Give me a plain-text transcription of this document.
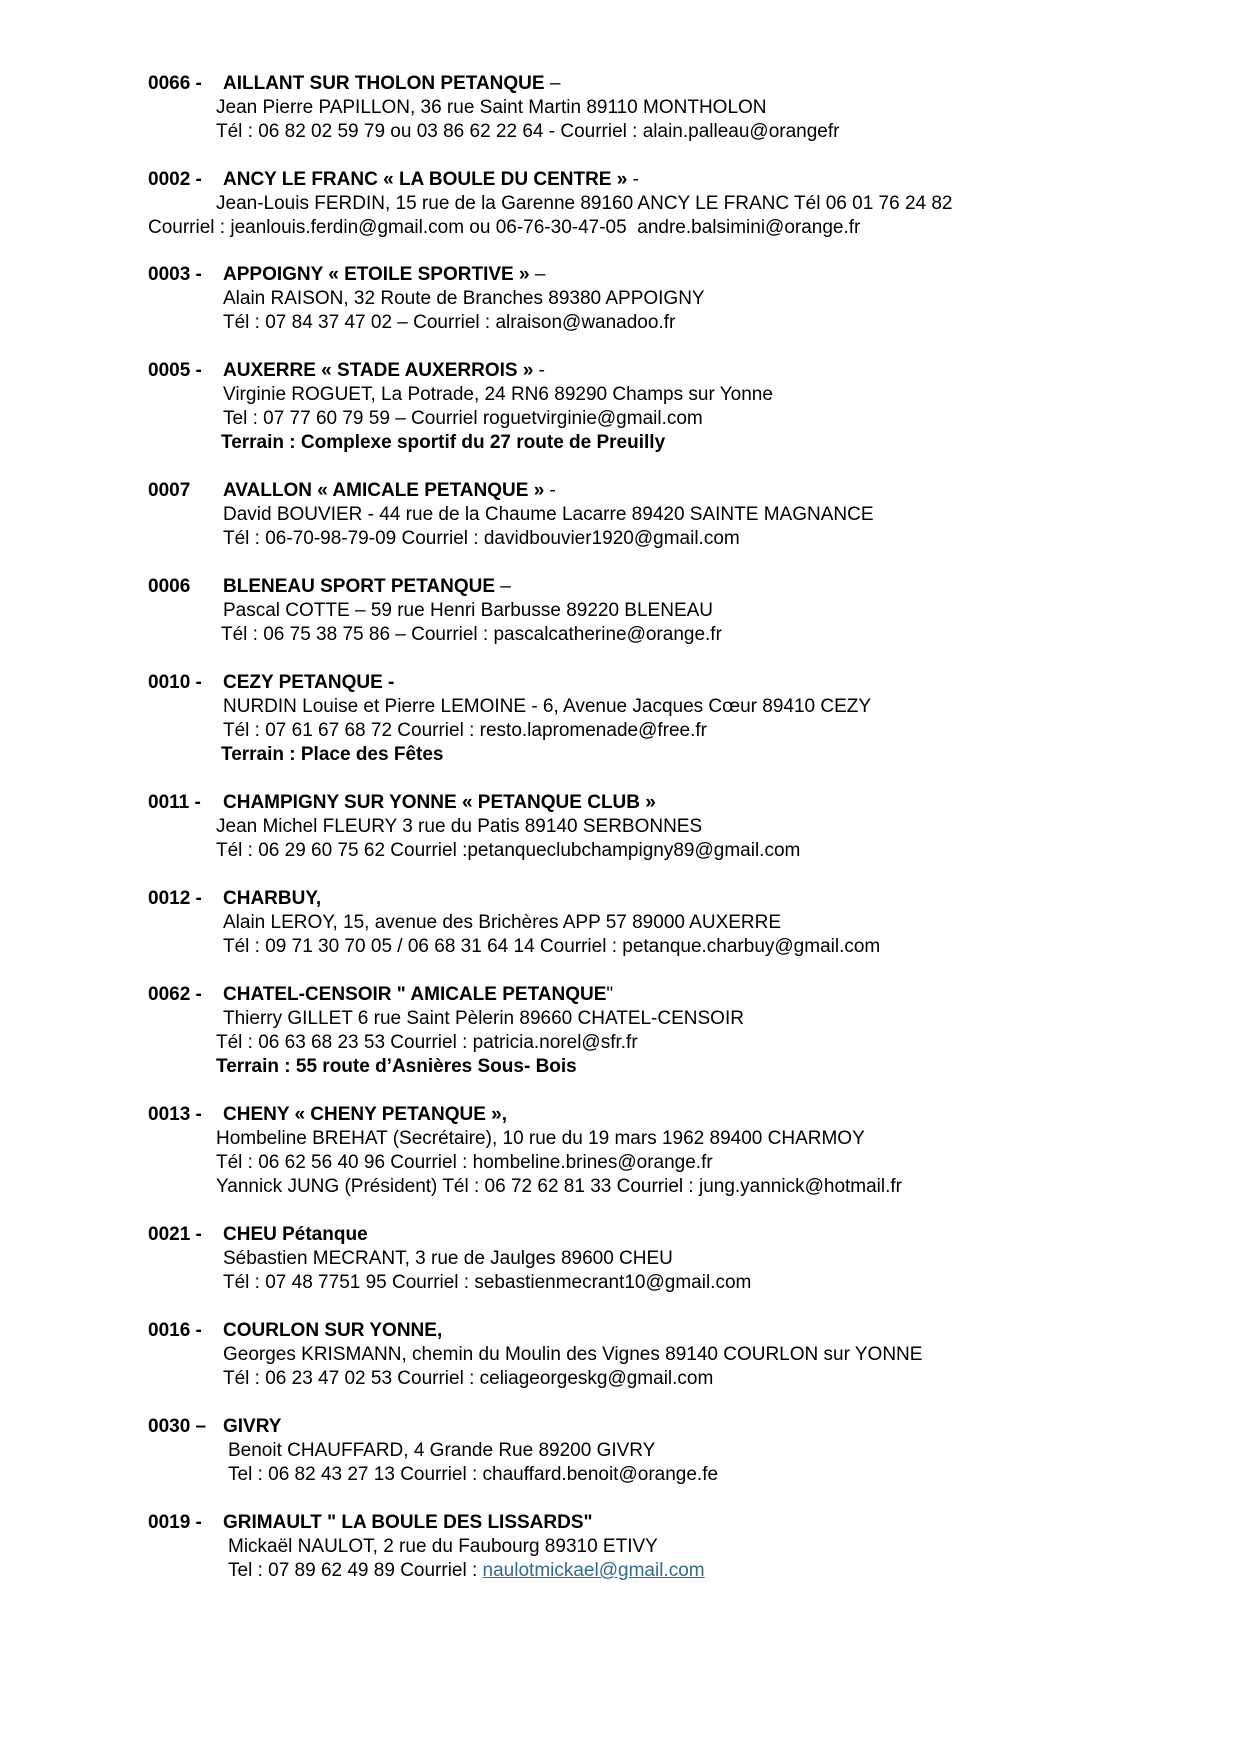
0066 - AILLANT SUR THOLON PETANQUE –
Jean Pierre PAPILLON, 36 rue Saint Martin 89110 MONTHOLON
Tél : 06 82 02 59 79 ou 03 86 62 22 64 - Courriel : alain.palleau@orangefr
0002 - ANCY LE FRANC « LA BOULE DU CENTRE » -
Jean-Louis FERDIN, 15 rue de la Garenne 89160 ANCY LE FRANC Tél 06 01 76 24 82
Courriel : jeanlouis.ferdin@gmail.com ou 06-76-30-47-05  andre.balsimini@orange.fr
0003 - APPOIGNY « ETOILE SPORTIVE » –
Alain RAISON, 32 Route de Branches 89380 APPOIGNY
Tél : 07 84 37 47 02 – Courriel : alraison@wanadoo.fr
0005 - AUXERRE « STADE AUXERROIS » -
Virginie ROGUET, La Potrade, 24 RN6 89290 Champs sur Yonne
Tel : 07 77 60 79 59 – Courriel roguetvirginie@gmail.com
Terrain : Complexe sportif du 27 route de Preuilly
0007 AVALLON « AMICALE PETANQUE » -
David BOUVIER - 44 rue de la Chaume Lacarre 89420 SAINTE MAGNANCE
Tél : 06-70-98-79-09 Courriel : davidbouvier1920@gmail.com
0006 BLENEAU SPORT PETANQUE –
Pascal COTTE – 59 rue Henri Barbusse 89220 BLENEAU
Tél : 06 75 38 75 86 – Courriel : pascalcatherine@orange.fr
0010 - CEZY PETANQUE -
NURDIN Louise et Pierre LEMOINE - 6, Avenue Jacques Cœur 89410 CEZY
Tél : 07 61 67 68 72 Courriel : resto.lapromenade@free.fr
Terrain : Place des Fêtes
0011 - CHAMPIGNY SUR YONNE « PETANQUE CLUB »
Jean Michel FLEURY 3 rue du Patis 89140 SERBONNES
Tél : 06 29 60 75 62 Courriel :petanqueclubchampigny89@gmail.com
0012 - CHARBUY,
Alain LEROY, 15, avenue des Brichères APP 57 89000 AUXERRE
Tél : 09 71 30 70 05 / 06 68 31 64 14 Courriel : petanque.charbuy@gmail.com
0062 - CHATEL-CENSOIR " AMICALE PETANQUE"
Thierry GILLET 6 rue Saint Pèlerin 89660 CHATEL-CENSOIR
Tél : 06 63 68 23 53 Courriel : patricia.norel@sfr.fr
Terrain : 55 route d’Asnières Sous- Bois
0013 - CHENY « CHENY PETANQUE »,
Hombeline BREHAT (Secrétaire), 10 rue du 19 mars 1962 89400 CHARMOY
Tél : 06 62 56 40 96 Courriel : hombeline.brines@orange.fr
Yannick JUNG (Président) Tél : 06 72 62 81 33 Courriel : jung.yannick@hotmail.fr
0021 - CHEU Pétanque
Sébastien MECRANT, 3 rue de Jaulges 89600 CHEU
Tél : 07 48 7751 95 Courriel : sebastienmecrant10@gmail.com
0016 - COURLON SUR YONNE,
Georges KRISMANN, chemin du Moulin des Vignes 89140 COURLON sur YONNE
Tél : 06 23 47 02 53 Courriel : celiageorgeskg@gmail.com
0030 – GIVRY
Benoit CHAUFFARD, 4 Grande Rue 89200 GIVRY
Tel : 06 82 43 27 13 Courriel : chauffard.benoit@orange.fe
0019 - GRIMAULT " LA BOULE DES LISSARDS"
Mickaël NAULOT, 2 rue du Faubourg 89310 ETIVY
Tel : 07 89 62 49 89 Courriel : naulotmickael@gmail.com
